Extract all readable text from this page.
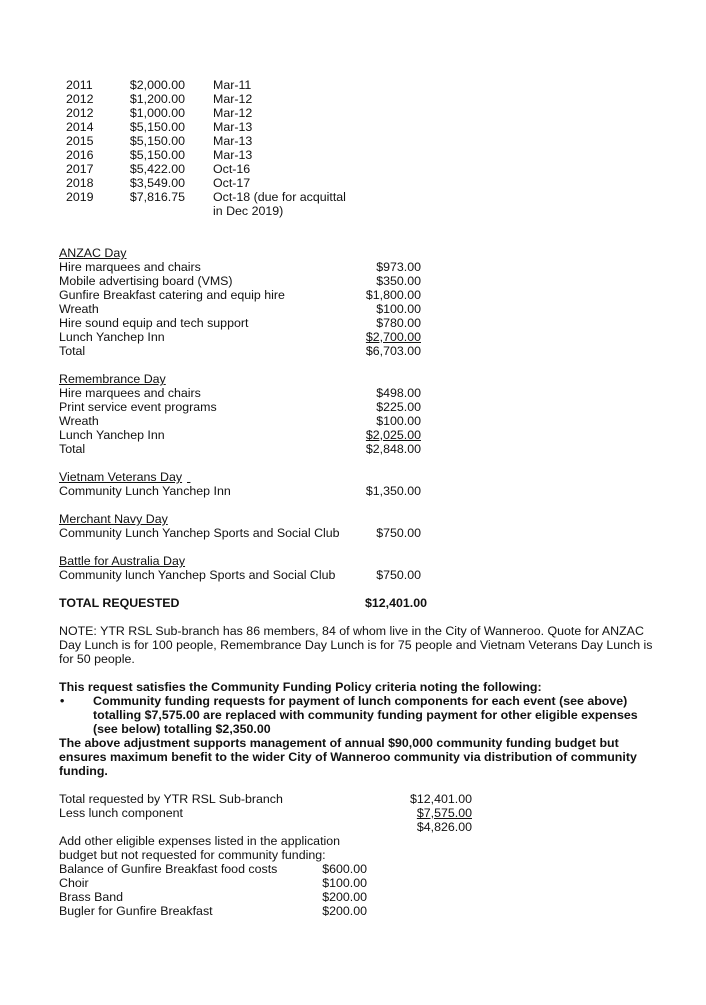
2011	$2,000.00 Mar-11
2012	$1,200.00 Mar-12
2012	$1,000.00 Mar-12
2014	$5,150.00 Mar-13
2015	$5,150.00 Mar-13
2016	$5,150.00 Mar-13
2017	$5,422.00 Oct-16
2018	$3,549.00 Oct-17
2019	$7,816.75 Oct-18 (due for acquittal
in Dec 2019)
ANZAC Day
Hire marquees and chairs	$973.00
Mobile advertising board (VMS)	$350.00
Gunfire Breakfast catering and equip hire	$1,800.00
Wreath	$100.00
Hire sound equip and tech support	$780.00
Lunch Yanchep Inn	$2,700.00
Total	$6,703.00
Remembrance Day
Hire marquees and chairs	$498.00
Print service event programs	$225.00
Wreath	$100.00
Lunch Yanchep Inn	$2,025.00
Total	$2,848.00
Vietnam Veterans Day

Community Lunch Yanchep Inn	$1,350.00
Merchant Navy Day
Community Lunch Yanchep Sports and Social Club	$750.00
Battle for Australia Day
Community lunch Yanchep Sports and Social Club	$750.00
TOTAL REQUESTED	$12,401.00
NOTE: YTR RSL Sub-branch has 86 members, 84 of whom live in the City of Wanneroo. Quote for ANZAC
Day Lunch is for 100 people, Remembrance Day Lunch is for 75 people and Vietnam Veterans Day Lunch is
for 50 people.
This request satisfies the Community Funding Policy criteria noting the following:
• Community funding requests for payment of lunch components for each event (see above)
totalling $7,575.00 are replaced with community funding payment for other eligible expenses
(see below) totalling $2,350.00
The above adjustment supports management of annual $90,000 community funding budget but
ensures maximum benefit to the wider City of Wanneroo community via distribution of community
funding.
Total requested by YTR RSL Sub-branch	$12,401.00
Less lunch component	$7,575.00
$4,826.00
Add other eligible expenses listed in the application
budget but not requested for community funding:
Balance of Gunfire Breakfast food costs	$600.00
Choir	$100.00
Brass Band	$200.00
Bugler for Gunfire Breakfast	$200.00
